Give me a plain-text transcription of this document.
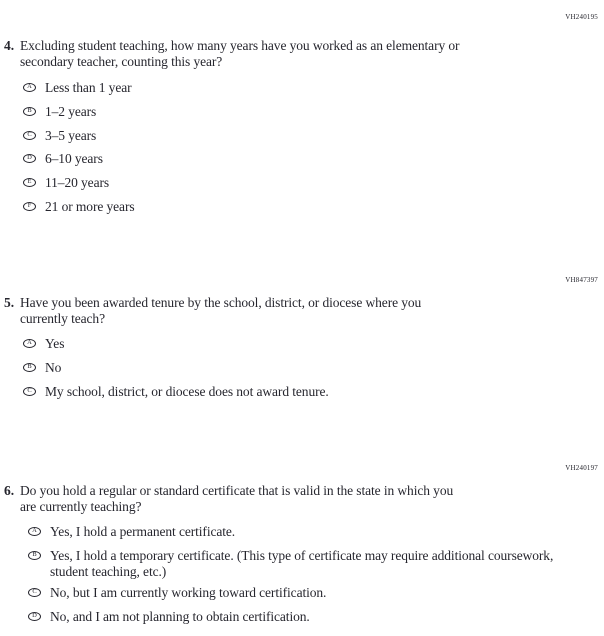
VH240195
4. Excluding student teaching, how many years have you worked as an elementary or
secondary teacher, counting this year?
A Less than 1 year
B 1–2 years
C 3–5 years
D 6–10 years
E 11–20 years
F 21 or more years
VH847397
5. Have you been awarded tenure by the school, district, or diocese where you
currently teach?
A Yes
B No
C My school, district, or diocese does not award tenure.
VH240197
6. Do you hold a regular or standard certificate that is valid in the state in which you
are currently teaching?
A Yes, I hold a permanent certificate.
B Yes, I hold a temporary certificate. (This type of certificate may require additional coursework,
student teaching, etc.)
C No, but I am currently working toward certification.
D No, and I am not planning to obtain certification.
